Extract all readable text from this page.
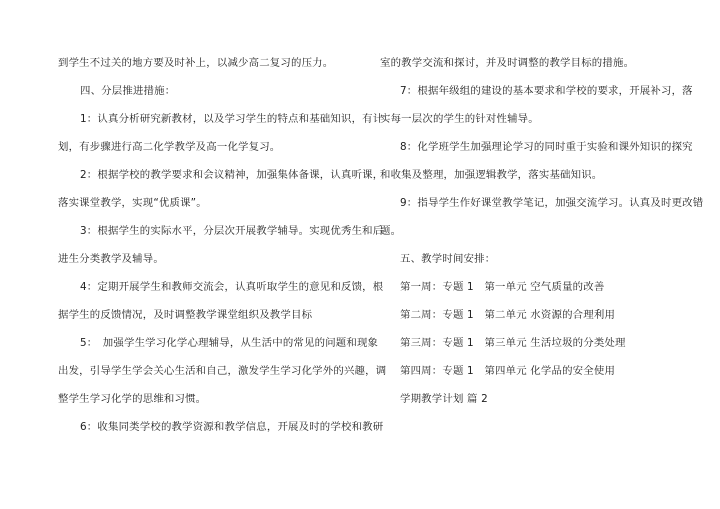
到学生不过关的地方要及时补上，以减少高二复习的压力。
四、分层推进措施：
1：认真分析研究新教材，以及学习学生的特点和基础知识，有计
划，有步骤进行高二化学教学及高一化学复习。
2：根据学校的教学要求和会议精神，加强集体备课，认真听课，
落实课堂教学，实现“优质课”。
3：根据学生的实际水平，分层次开展教学辅导。实现优秀生和后
进生分类教学及辅导。
4：定期开展学生和教师交流会，认真听取学生的意见和反馈，根
据学生的反馈情况，及时调整教学课堂组织及教学目标
5：　加强学生学习化学心理辅导，从生活中的常见的问题和现象
出发，引导学生学会关心生活和自己，激发学生学习化学外的兴趣，调
整学生学习化学的思维和习惯。
6：收集同类学校的教学资源和教学信息，开展及时的学校和教研
室的教学交流和探讨，并及时调整的教学目标的措施。
7：根据年级组的建设的基本要求和学校的要求，开展补习，落
实每一层次的学生的针对性辅导。
8：化学班学生加强理论学习的同时重于实验和课外知识的探究
和收集及整理，加强逻辑教学，落实基础知识。
9：指导学生作好课堂教学笔记，加强交流学习。认真及时更改错
题。
五、教学时间安排：
第一周：专题 1　第一单元 空气质量的改善
第二周：专题 1　第二单元 水资源的合理利用
第三周：专题 1　第三单元 生活垃圾的分类处理
第四周：专题 1　第四单元 化学品的安全使用
学期教学计划 篇 2
